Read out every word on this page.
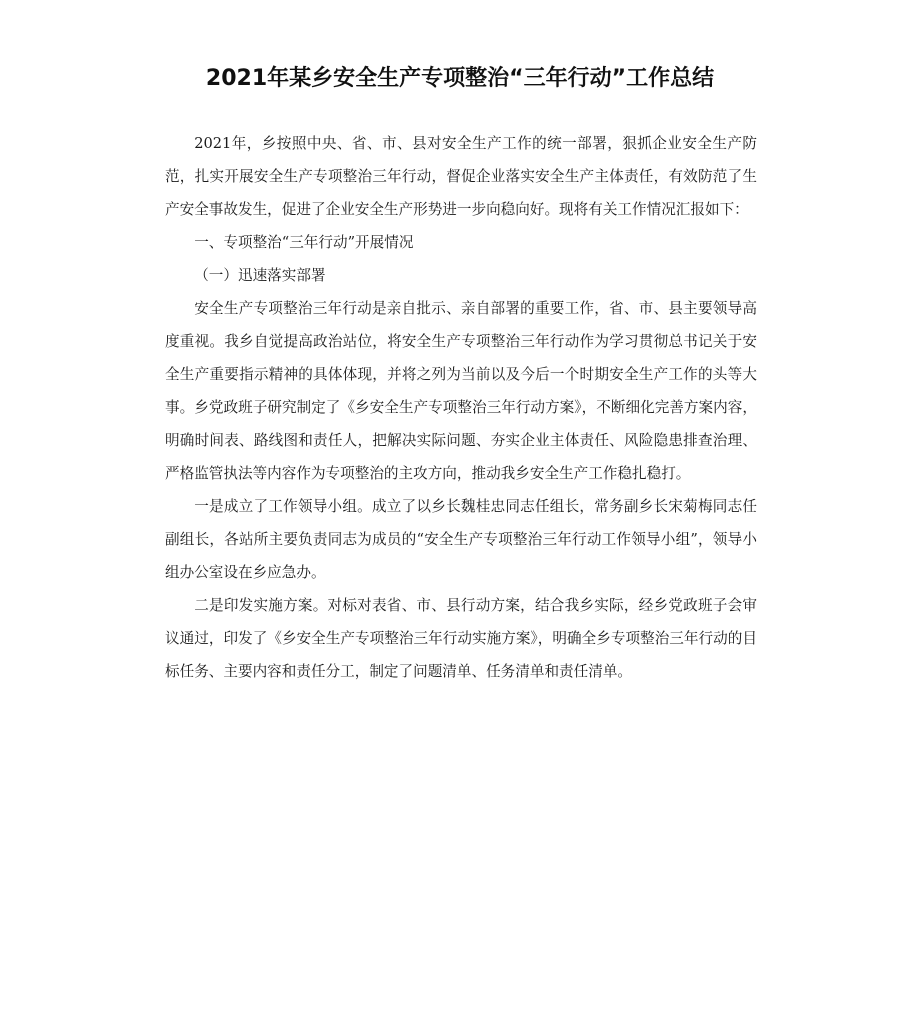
2021年某乡安全生产专项整治“三年行动”工作总结

2021年，乡按照中央、省、市、县对安全生产工作的统一部署，狠抓企业安全生产防范，扎实开展安全生产专项整治三年行动，督促企业落实安全生产主体责任，有效防范了生产安全事故发生，促进了企业安全生产形势进一步向稳向好。现将有关工作情况汇报如下：

一、专项整治“三年行动”开展情况

（一）迅速落实部署

安全生产专项整治三年行动是亲自批示、亲自部署的重要工作，省、市、县主要领导高度重视。我乡自觉提高政治站位，将安全生产专项整治三年行动作为学习贯彻总书记关于安全生产重要指示精神的具体体现，并将之列为当前以及今后一个时期安全生产工作的头等大事。乡党政班子研究制定了《乡安全生产专项整治三年行动方案》，不断细化完善方案内容，明确时间表、路线图和责任人，把解决实际问题、夯实企业主体责任、风险隐患排查治理、严格监管执法等内容作为专项整治的主攻方向，推动我乡安全生产工作稳扎稳打。

一是成立了工作领导小组。成立了以乡长魏桂忠同志任组长，常务副乡长宋菊梅同志任副组长，各站所主要负责同志为成员的“安全生产专项整治三年行动工作领导小组”，领导小组办公室设在乡应急办。

二是印发实施方案。对标对表省、市、县行动方案，结合我乡实际，经乡党政班子会审议通过，印发了《乡安全生产专项整治三年行动实施方案》，明确全乡专项整治三年行动的目标任务、主要内容和责任分工，制定了问题清单、任务清单和责任清单。
